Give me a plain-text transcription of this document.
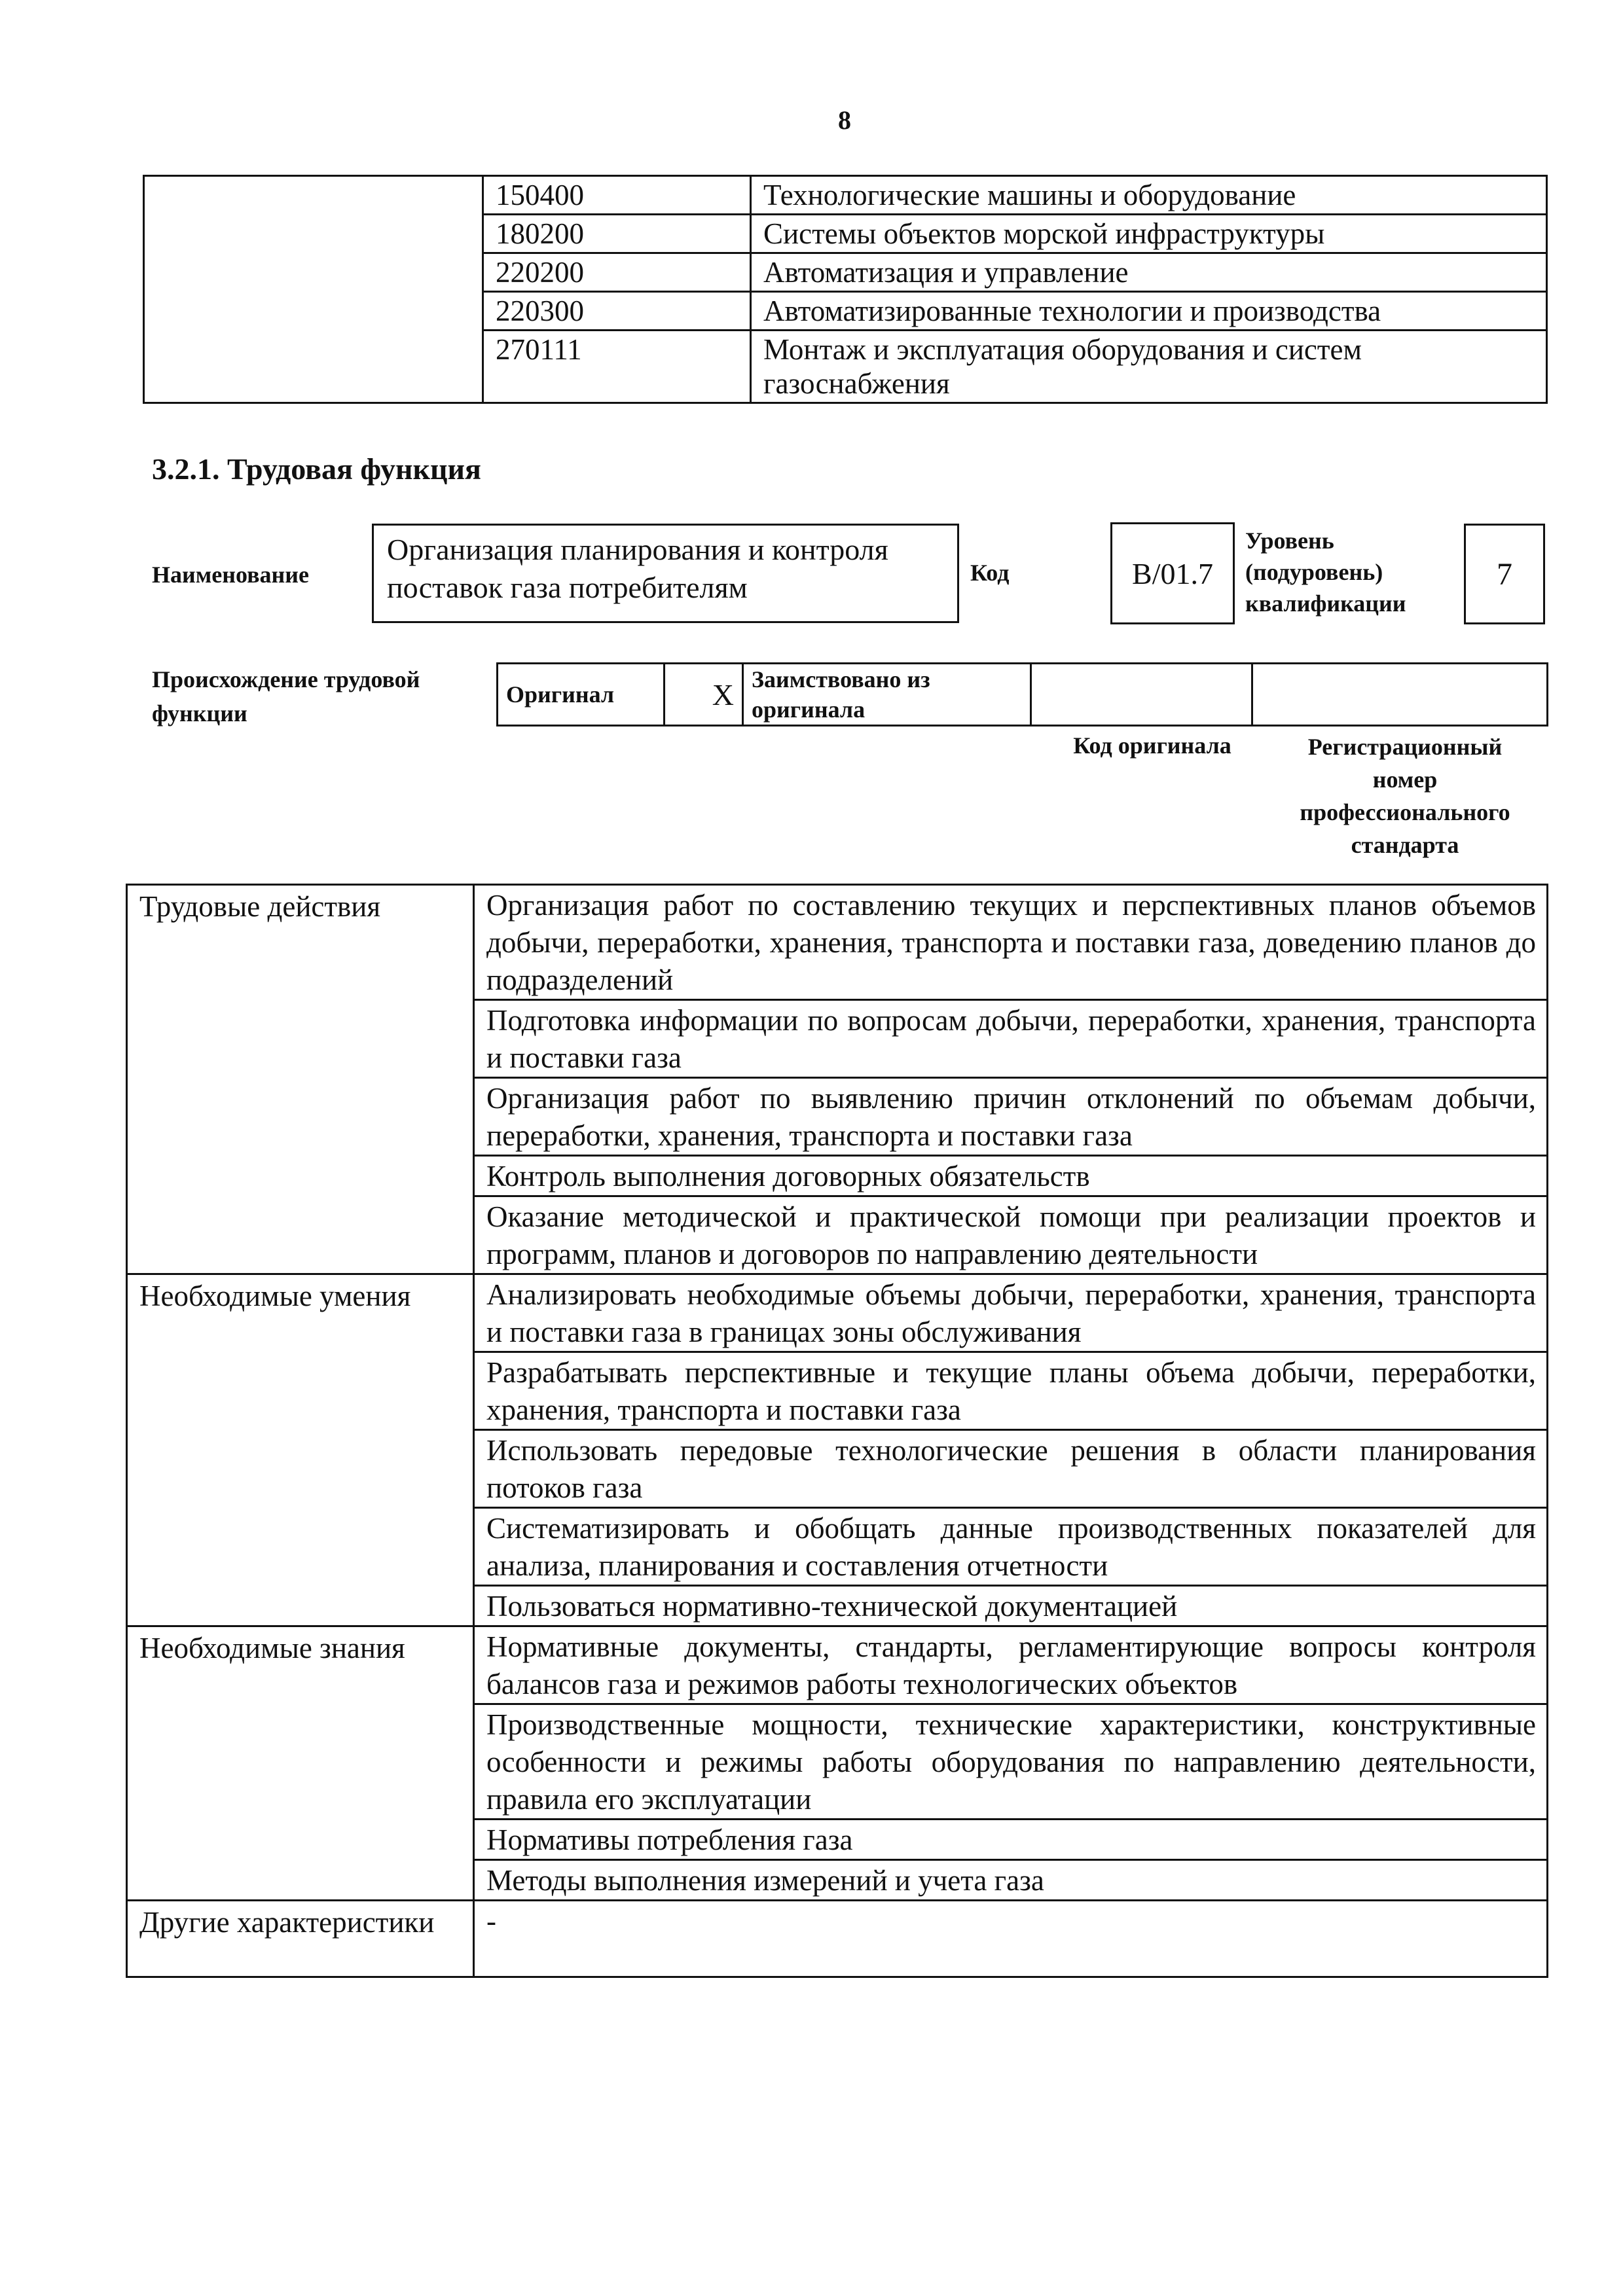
8
	150400	Технологические машины и оборудование
	180200	Системы объектов морской инфраструктуры
	220200	Автоматизация и управление
	220300	Автоматизированные технологии и производства
	270111	Монтаж и эксплуатация оборудования и систем газоснабжения
3.2.1. Трудовая функция
Наименование
Организация планирования и контроля поставок газа потребителям	Код	B/01.7
Уровень
(подуровень)
квалификации
7
Происхождение трудовой
функции
Оригинал	X	Заимствовано из оригинала		
Код оригинала	Регистрационный
номер
профессионального
стандарта
Трудовые действия	Организация работ по составлению текущих и перспективных планов объемов добычи, переработки, хранения, транспорта и поставки газа, доведению планов до подразделений
	Подготовка информации по вопросам добычи, переработки, хранения, транспорта и поставки газа
	Организация работ по выявлению причин отклонений по объемам добычи, переработки, хранения, транспорта и поставки газа
	Контроль выполнения договорных обязательств
	Оказание методической и практической помощи при реализации проектов и программ, планов и договоров по направлению деятельности
Необходимые умения	Анализировать необходимые объемы добычи, переработки, хранения, транспорта и поставки газа в границах зоны обслуживания
	Разрабатывать перспективные и текущие планы объема добычи, переработки, хранения, транспорта и поставки газа
	Использовать передовые технологические решения в области планирования потоков газа
	Систематизировать и обобщать данные производственных показателей для анализа, планирования и составления отчетности
	Пользоваться нормативно-технической документацией
Необходимые знания	Нормативные документы, стандарты, регламентирующие вопросы контроля балансов газа и режимов работы технологических объектов
	Производственные мощности, технические характеристики, конструктивные особенности и режимы работы оборудования по направлению деятельности, правила его эксплуатации
	Нормативы потребления газа
	Методы выполнения измерений и учета газа
Другие характеристики	-
